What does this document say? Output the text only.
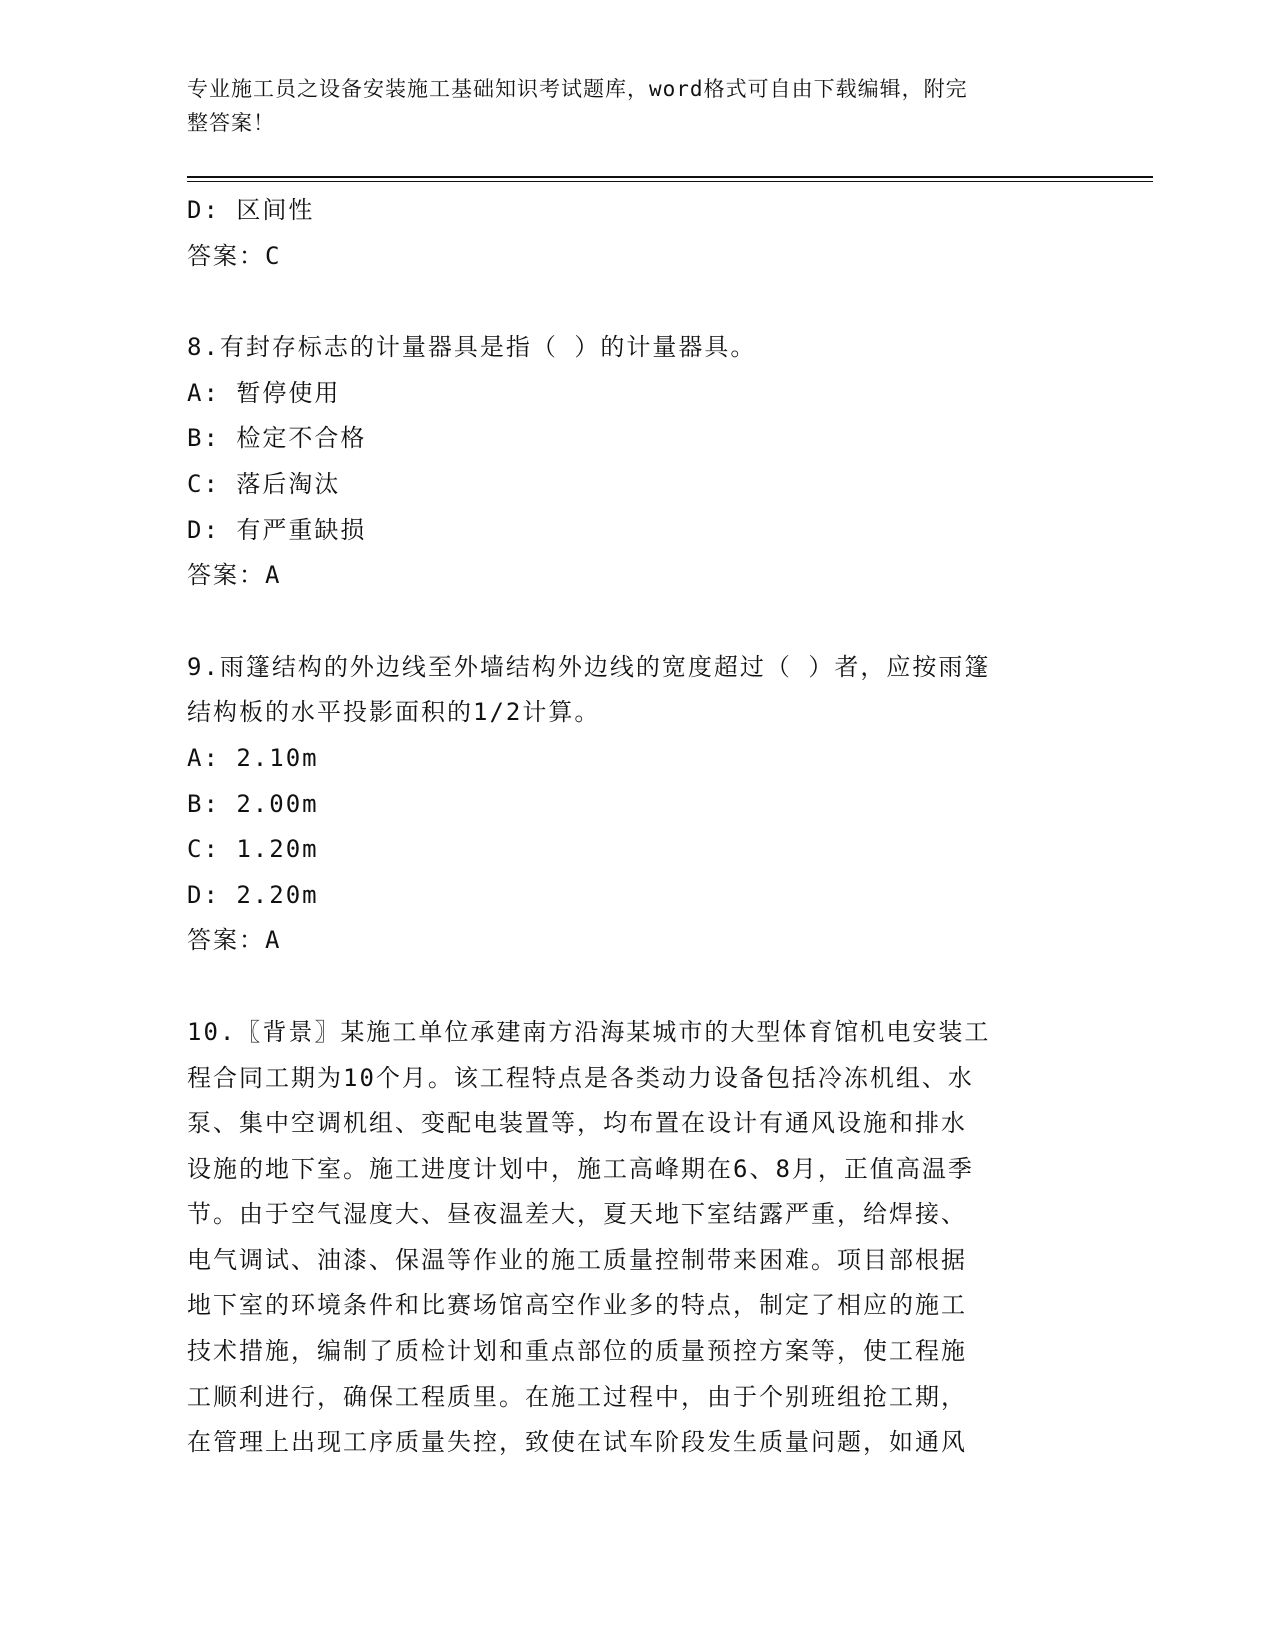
专业施工员之设备安装施工基础知识考试题库，word格式可自由下载编辑，附完
整答案！
D: 区间性
答案：C
8.有封存标志的计量器具是指（ ）的计量器具。
A: 暂停使用
B: 检定不合格
C: 落后淘汰
D: 有严重缺损
答案：A
9.雨篷结构的外边线至外墙结构外边线的宽度超过（ ）者，应按雨篷
结构板的水平投影面积的1/2计算。
A: 2.10m
B: 2.00m
C: 1.20m
D: 2.20m
答案：A
10.〖背景〗某施工单位承建南方沿海某城市的大型体育馆机电安装工
程合同工期为10个月。该工程特点是各类动力设备包括冷冻机组、水
泵、集中空调机组、变配电装置等，均布置在设计有通风设施和排水
设施的地下室。施工进度计划中，施工高峰期在6、8月，正值高温季
节。由于空气湿度大、昼夜温差大，夏天地下室结露严重，给焊接、
电气调试、油漆、保温等作业的施工质量控制带来困难。项目部根据
地下室的环境条件和比赛场馆高空作业多的特点，制定了相应的施工
技术措施，编制了质检计划和重点部位的质量预控方案等，使工程施
工顺利进行，确保工程质里。在施工过程中，由于个别班组抢工期，
在管理上出现工序质量失控，致使在试车阶段发生质量问题，如通风
